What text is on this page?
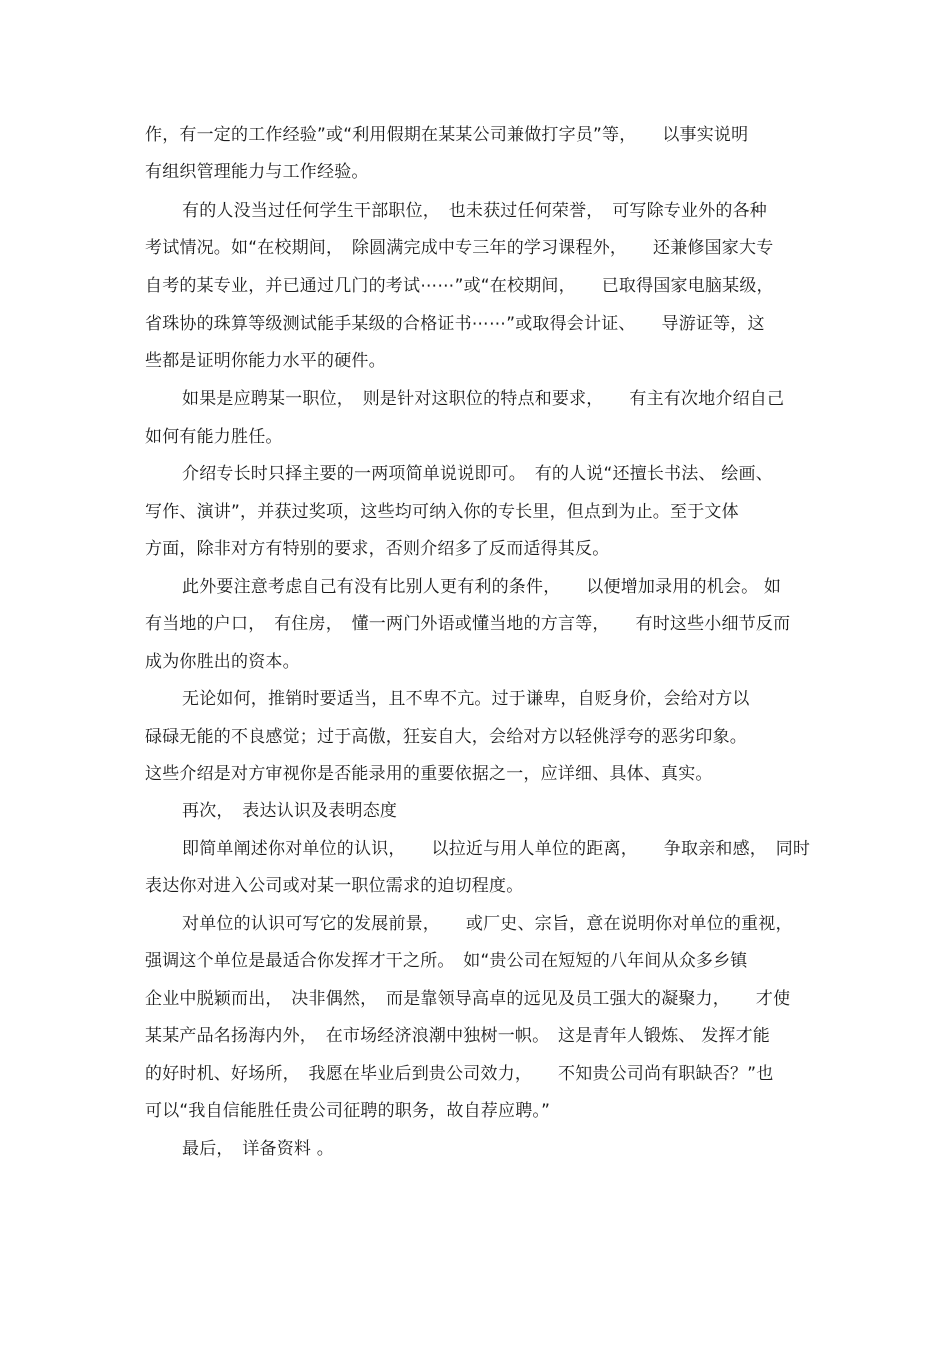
作，有一定的工作经验”或“利用假期在某某公司兼做打字员”等，　　以事实说明
有组织管理能力与工作经验。
有的人没当过任何学生干部职位，　也未获过任何荣誉，　可写除专业外的各种
考试情况。如“在校期间，　除圆满完成中专三年的学习课程外，　　还兼修国家大专
自考的某专业，并已通过几门的考试⋯⋯”或“在校期间，　　已取得国家电脑某级，
省珠协的珠算等级测试能手某级的合格证书⋯⋯”或取得会计证、　　导游证等，这
些都是证明你能力水平的硬件。
如果是应聘某一职位，　则是针对这职位的特点和要求，　　有主有次地介绍自己
如何有能力胜任。
介绍专长时只择主要的一两项简单说说即可。　有的人说“还擅长书法、 绘画、
写作、演讲”，并获过奖项，这些均可纳入你的专长里，但点到为止。至于文体
方面，除非对方有特别的要求，否则介绍多了反而适得其反。
此外要注意考虑自己有没有比别人更有利的条件，　　以便增加录用的机会。 如
有当地的户口，　有住房，　懂一两门外语或懂当地的方言等，　　有时这些小细节反而
成为你胜出的资本。
无论如何，推销时要适当，且不卑不亢。过于谦卑，自贬身价，会给对方以
碌碌无能的不良感觉；过于高傲，狂妄自大，会给对方以轻佻浮夸的恶劣印象。
这些介绍是对方审视你是否能录用的重要依据之一，应详细、具体、真实。
再次，　表达认识及表明态度
即简单阐述你对单位的认识，　　以拉近与用人单位的距离，　　争取亲和感，　同时
表达你对进入公司或对某一职位需求的迫切程度。
对单位的认识可写它的发展前景，　　或厂史、宗旨，意在说明你对单位的重视，
强调这个单位是最适合你发挥才干之所。　如“贵公司在短短的八年间从众多乡镇
企业中脱颖而出，　决非偶然，　而是靠领导高卓的远见及员工强大的凝聚力，　　才使
某某产品名扬海内外，　在市场经济浪潮中独树一帜。　这是青年人锻炼、 发挥才能
的好时机、好场所，　我愿在毕业后到贵公司效力，　　不知贵公司尚有职缺否？”也
可以“我自信能胜任贵公司征聘的职务，故自荐应聘。”
最后，　详备资料 。
